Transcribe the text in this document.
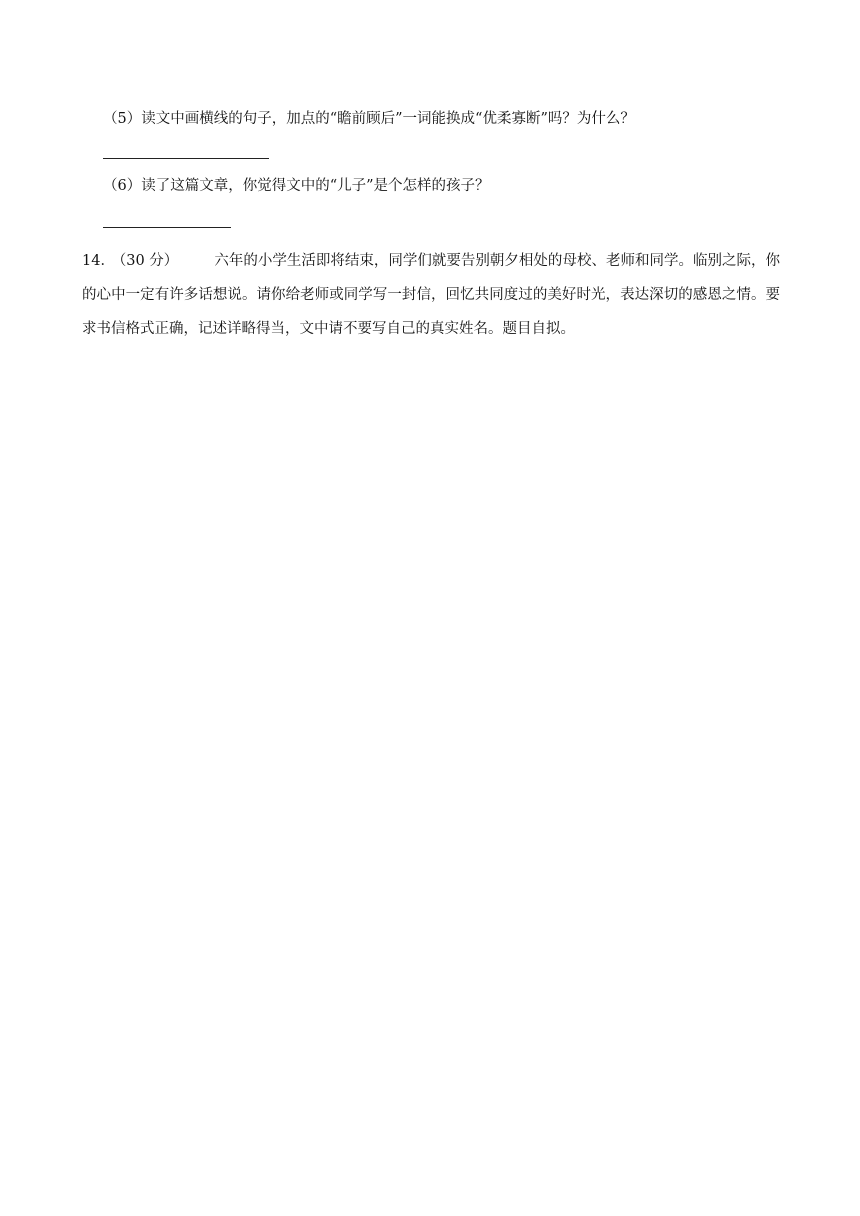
（5）读文中画横线的句子，加点的“瞻前顾后”一词能换成“优柔寡断”吗？为什么？
（6）读了这篇文章，你觉得文中的“儿子”是个怎样的孩子？
14． （30 分） 六年的小学生活即将结束，同学们就要告别朝夕相处的母校、老师和同学。临别之际，你的心中一定有许多话想说。请你给老师或同学写一封信，回忆共同度过的美好时光，表达深切的感恩之情。要求书信格式正确，记述详略得当，文中请不要写自己的真实姓名。题目自拟。
